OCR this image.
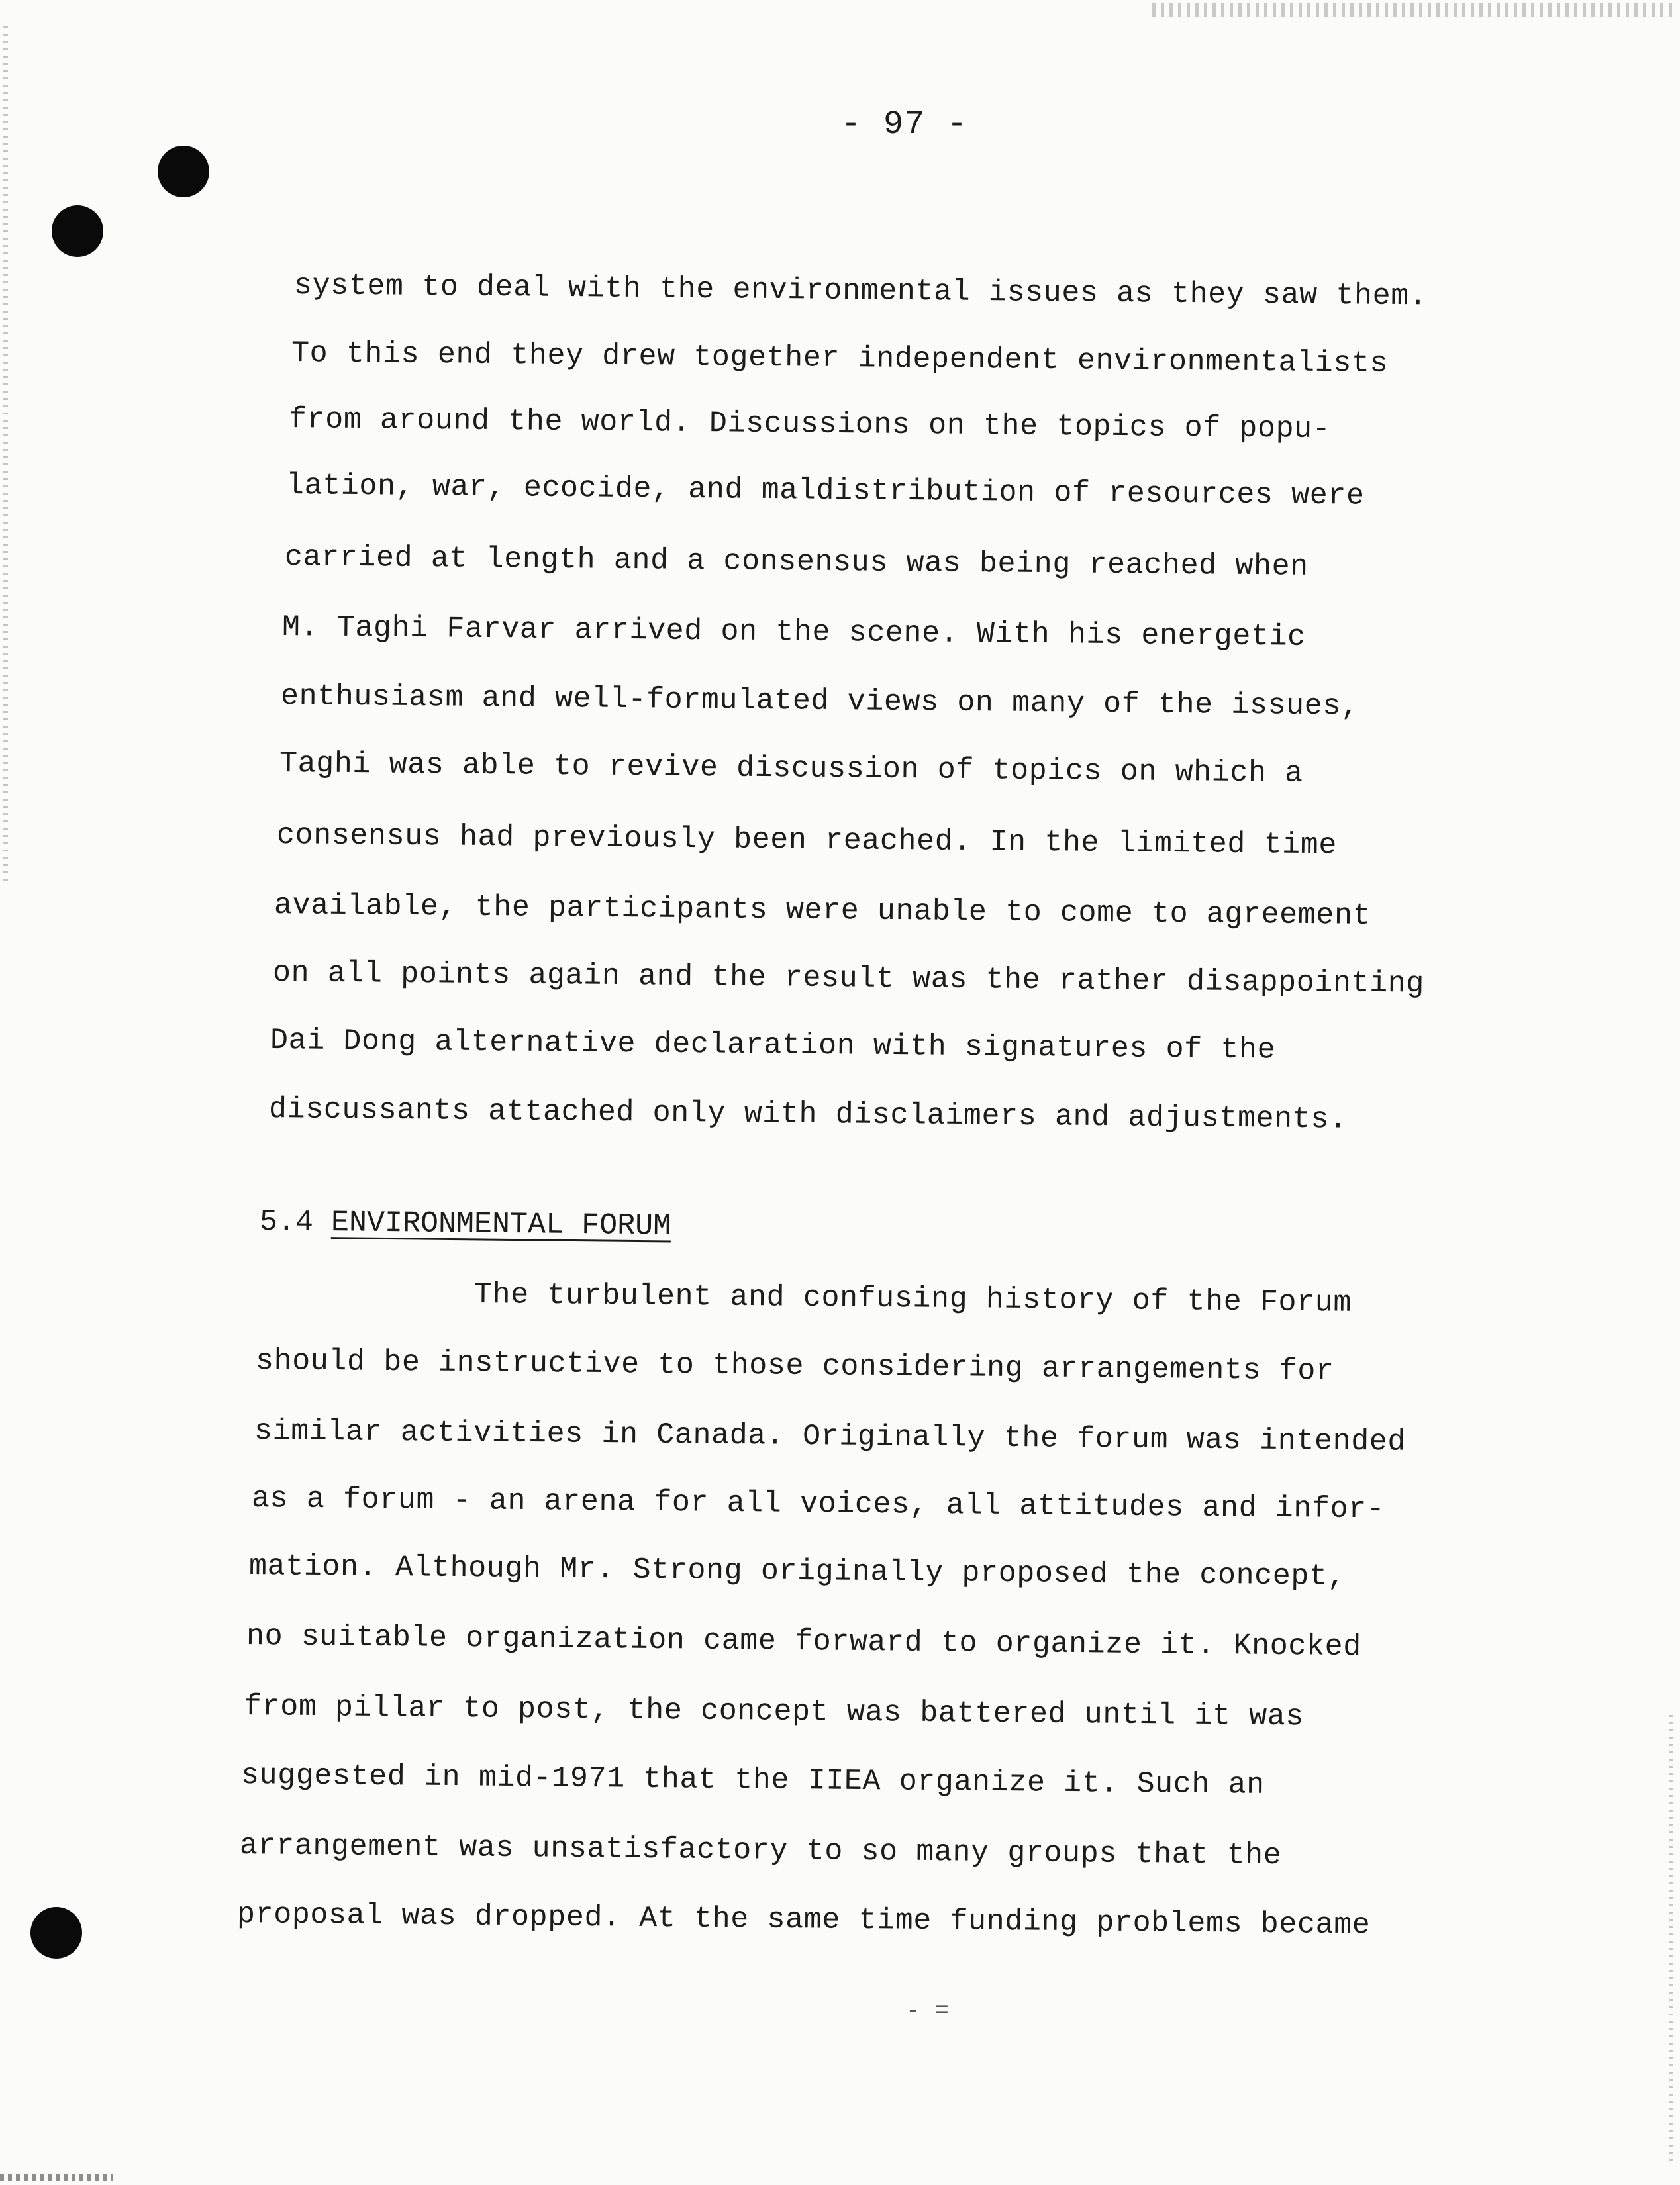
- 97 -
system to deal with the environmental issues as they saw them.
To this end they drew together independent environmentalists
from around the world. Discussions on the topics of popu-
lation, war, ecocide, and maldistribution of resources were
carried at length and a consensus was being reached when
M. Taghi Farvar arrived on the scene. With his energetic
enthusiasm and well-formulated views on many of the issues,
Taghi was able to revive discussion of topics on which a
consensus had previously been reached. In the limited time
available, the participants were unable to come to agreement
on all points again and the result was the rather disappointing
Dai Dong alternative declaration with signatures of the
discussants attached only with disclaimers and adjustments.
5.4 ENVIRONMENTAL FORUM
The turbulent and confusing history of the Forum
should be instructive to those considering arrangements for
similar activities in Canada. Originally the forum was intended
as a forum - an arena for all voices, all attitudes and infor-
mation. Although Mr. Strong originally proposed the concept,
no suitable organization came forward to organize it. Knocked
from pillar to post, the concept was battered until it was
suggested in mid-1971 that the IIEA organize it. Such an
arrangement was unsatisfactory to so many groups that the
proposal was dropped. At the same time funding problems became
- =
